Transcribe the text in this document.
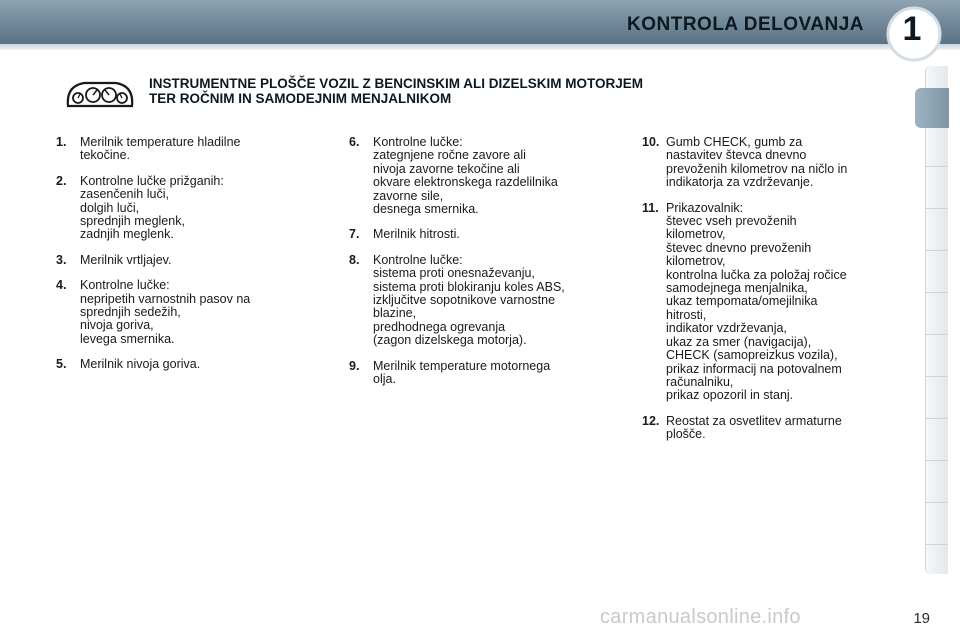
KONTROLA DELOVANJA	1
INSTRUMENTNE PLOŠČE VOZIL Z BENCINSKIM ALI DIZELSKIM MOTORJEM
TER ROČNIM IN SAMODEJNIM MENJALNIKOM
1.	Merilnik temperature hladilne
tekočine.
2.	Kontrolne lučke prižganih:
zasenčenih luči,
dolgih luči,
sprednjih meglenk,
zadnjih meglenk.
3.	Merilnik vrtljajev.
4.	Kontrolne lučke:
nepripetih varnostnih pasov na
sprednjih sedežih,
nivoja goriva,
levega smernika.
5.	Merilnik nivoja goriva.
6.	Kontrolne lučke:
zategnjene ročne zavore ali
nivoja zavorne tekočine ali
okvare elektronskega razdelilnika
zavorne sile,
desnega smernika.
7.	Merilnik hitrosti.
8.	Kontrolne lučke:
sistema proti onesnaževanju,
sistema proti blokiranju koles ABS,
izključitve sopotnikove varnostne
blazine,
predhodnega ogrevanja
(zagon dizelskega motorja).
9.	Merilnik temperature motornega
olja.
10. Gumb CHECK, gumb za
nastavitev števca dnevno
prevoženih kilometrov na ničlo in
indikatorja za vzdrževanje.
11. Prikazovalnik:
števec vseh prevoženih
kilometrov,
števec dnevno prevoženih
kilometrov,
kontrolna lučka za položaj ročice
samodejnega menjalnika,
ukaz tempomata/omejilnika
hitrosti,
indikator vzdrževanja,
ukaz za smer (navigacija),
CHECK (samopreizkus vozila),
prikaz informacij na potovalnem
računalniku,
prikaz opozoril in stanj.
12. Reostat za osvetlitev armaturne
plošče.
carmanualsonline.info	19
